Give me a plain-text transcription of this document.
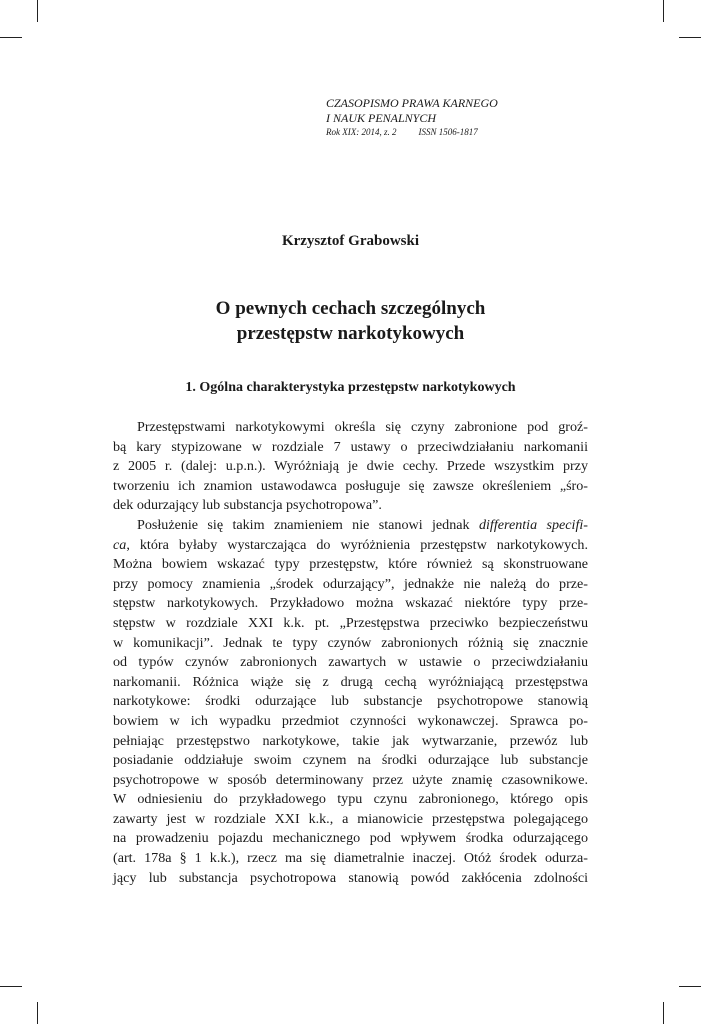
CZASOPISMO PRAWA KARNEGO
I NAUK PENALNYCH
Rok XIX: 2014, z. 2 ISSN 1506-1817
Krzysztof Grabowski
O pewnych cechach szczególnych
przestępstw narkotykowych
1. Ogólna charakterystyka przestępstw narkotykowych
Przestępstwami narkotykowymi określa się czyny zabronione pod groź-
bą kary stypizowane w rozdziale 7 ustawy o przeciwdziałaniu narkomanii
z 2005 r. (dalej: u.p.n.). Wyróżniają je dwie cechy. Przede wszystkim przy
tworzeniu ich znamion ustawodawca posługuje się zawsze określeniem „śro-
dek odurzający lub substancja psychotropowa”.
Posłużenie się takim znamieniem nie stanowi jednak differentia specifi-
ca, która byłaby wystarczająca do wyróżnienia przestępstw narkotykowych.
Można bowiem wskazać typy przestępstw, które również są skonstruowane
przy pomocy znamienia „środek odurzający”, jednakże nie należą do prze-
stępstw narkotykowych. Przykładowo można wskazać niektóre typy prze-
stępstw w rozdziale XXI k.k. pt. „Przestępstwa przeciwko bezpieczeństwu
w komunikacji”. Jednak te typy czynów zabronionych różnią się znacznie
od typów czynów zabronionych zawartych w ustawie o przeciwdziałaniu
narkomanii. Różnica wiąże się z drugą cechą wyróżniającą przestępstwa
narkotykowe: środki odurzające lub substancje psychotropowe stanowią
bowiem w ich wypadku przedmiot czynności wykonawczej. Sprawca po-
pełniając przestępstwo narkotykowe, takie jak wytwarzanie, przewóz lub
posiadanie oddziałuje swoim czynem na środki odurzające lub substancje
psychotropowe w sposób determinowany przez użyte znamię czasownikowe.
W odniesieniu do przykładowego typu czynu zabronionego, którego opis
zawarty jest w rozdziale XXI k.k., a mianowicie przestępstwa polegającego
na prowadzeniu pojazdu mechanicznego pod wpływem środka odurzającego
(art. 178a § 1 k.k.), rzecz ma się diametralnie inaczej. Otóż środek odurza-
jący lub substancja psychotropowa stanowią powód zakłócenia zdolności
